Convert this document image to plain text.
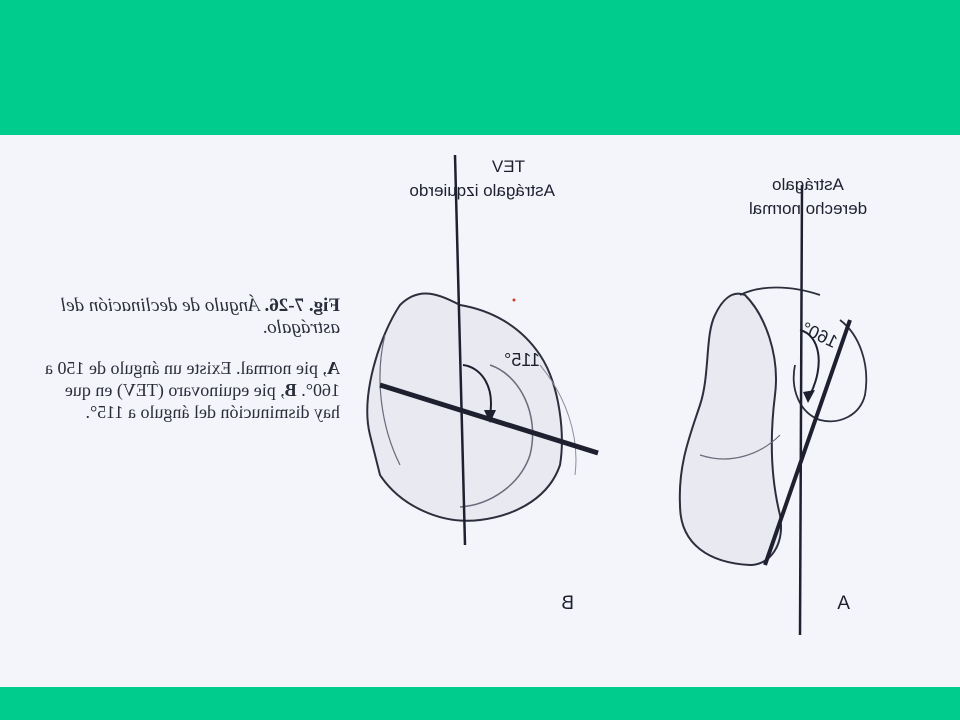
TEV
Astrágalo izquierdo	Astrágalo
derecho normal
115°
160°
B	A
Fig. 7-26. Ángulo de declinación del astrágalo.
A, pie normal. Existe un ángulo de 150 a 160°. B, pie equinovaro (TEV) en que hay disminución del ángulo a 115°.
